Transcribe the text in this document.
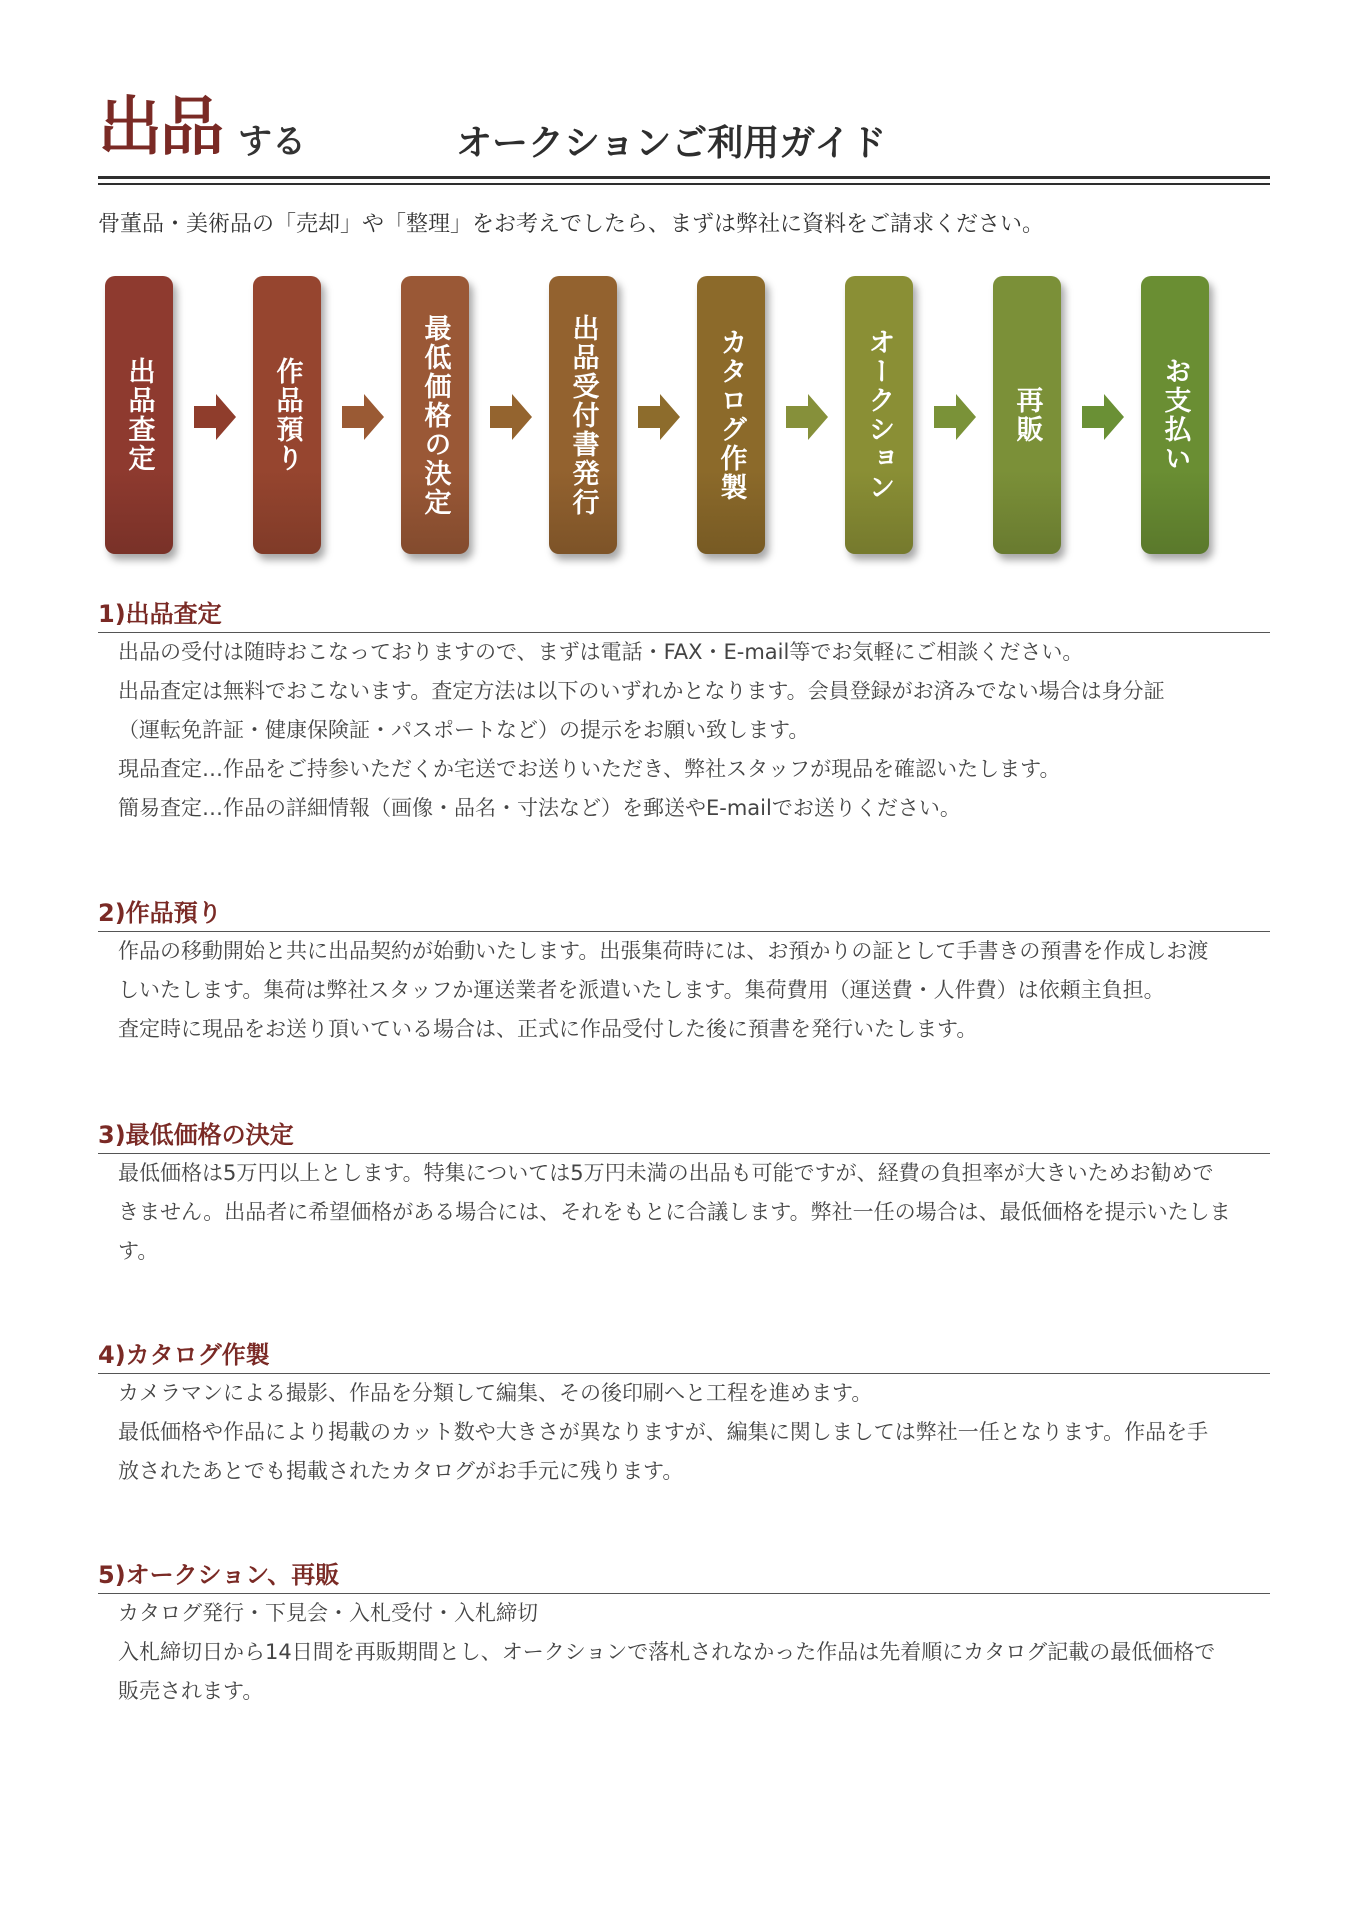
出品 する	オークションご利用ガイド
骨董品・美術品の「売却」や「整理」をお考えでしたら、まずは弊社に資料をご請求ください。
出品査定	作品預り	最低価格の決定	出品受付書発行	カタログ作製	オークション	再販	お支払い
1)出品査定

出品の受付は随時おこなっておりますので、まずは電話・FAX・E-mail等でお気軽にご相談ください。

出品査定は無料でおこないます。査定方法は以下のいずれかとなります。会員登録がお済みでない場合は身分証

（運転免許証・健康保険証・パスポートなど）の提示をお願い致します。

現品査定…作品をご持参いただくか宅送でお送りいただき、弊社スタッフが現品を確認いたします。

簡易査定…作品の詳細情報（画像・品名・寸法など）を郵送やE-mailでお送りください。

2)作品預り

作品の移動開始と共に出品契約が始動いたします。出張集荷時には、お預かりの証として手書きの預書を作成しお渡

しいたします。集荷は弊社スタッフか運送業者を派遣いたします。集荷費用（運送費・人件費）は依頼主負担。

査定時に現品をお送り頂いている場合は、正式に作品受付した後に預書を発行いたします。

3)最低価格の決定

最低価格は5万円以上とします。特集については5万円未満の出品も可能ですが、経費の負担率が大きいためお勧めで

きません。出品者に希望価格がある場合には、それをもとに合議します。弊社一任の場合は、最低価格を提示いたしま

す。

4)カタログ作製

カメラマンによる撮影、作品を分類して編集、その後印刷へと工程を進めます。

最低価格や作品により掲載のカット数や大きさが異なりますが、編集に関しましては弊社一任となります。作品を手

放されたあとでも掲載されたカタログがお手元に残ります。

5)オークション、再販

カタログ発行・下見会・入札受付・入札締切

入札締切日から14日間を再販期間とし、オークションで落札されなかった作品は先着順にカタログ記載の最低価格で

販売されます。
